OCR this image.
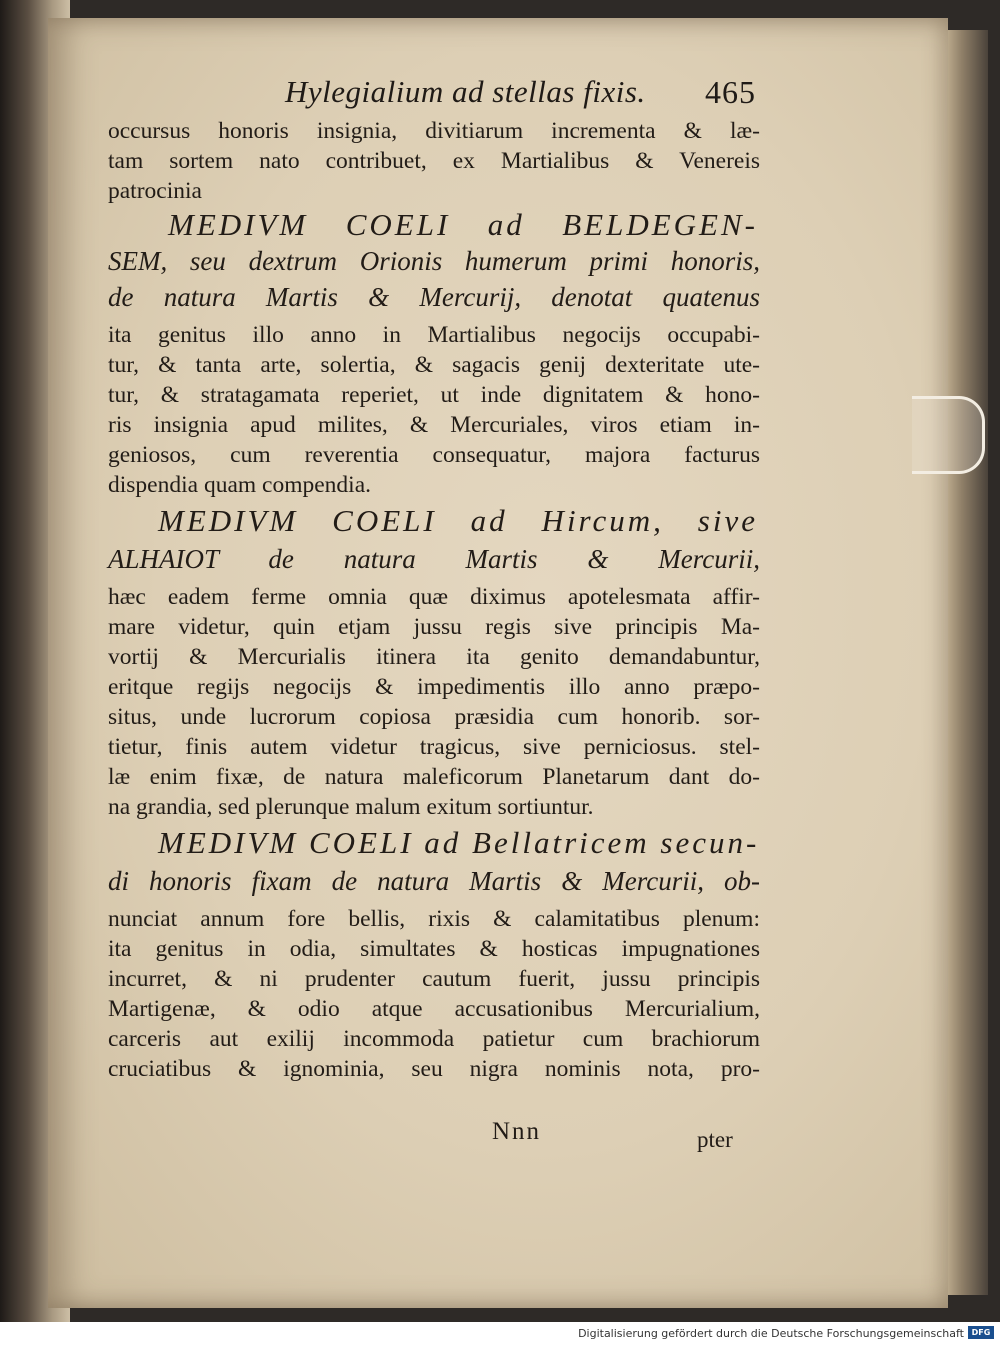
Hylegialium ad stellas fixis. 465
occursus honoris insignia, divitiarum incrementa & læ-
tam sortem nato contribuet, ex Martialibus & Venereis
patrocinia
MEDIVM COELI ad BELDEGEN-
SEM, seu dextrum Orionis humerum primi honoris,
de natura Martis & Mercurij, denotat quatenus
ita genitus illo anno in Martialibus negocijs occupabi-
tur, & tanta arte, solertia, & sagacis genij dexteritate ute-
tur, & stratagamata reperiet, ut inde dignitatem & hono-
ris insignia apud milites, & Mercuriales, viros etiam in-
geniosos, cum reverentia consequatur, majora facturus
dispendia quam compendia.
MEDIVM COELI ad Hircum, sive
ALHAIOT de natura Martis & Mercurii,
hæc eadem ferme omnia quæ diximus apotelesmata affir-
mare videtur, quin etjam jussu regis sive principis Ma-
vortij & Mercurialis itinera ita genito demandabuntur,
eritque regijs negocijs & impedimentis illo anno præpo-
situs, unde lucrorum copiosa præsidia cum honorib. sor-
tietur, finis autem videtur tragicus, sive perniciosus. stel-
læ enim fixæ, de natura maleficorum Planetarum dant do-
na grandia, sed plerunque malum exitum sortiuntur.
MEDIVM COELI ad Bellatricem secun-
di honoris fixam de natura Martis & Mercurii, ob-
nunciat annum fore bellis, rixis & calamitatibus plenum:
ita genitus in odia, simultates & hosticas impugnationes
incurret, & ni prudenter cautum fuerit, jussu principis
Martigenæ, & odio atque accusationibus Mercurialium,
carceris aut exilij incommoda patietur cum brachiorum
cruciatibus & ignominia, seu nigra nominis nota, pro-
Nnn	pter
Digitalisierung gefördert durch die Deutsche Forschungsgemeinschaft DFG
